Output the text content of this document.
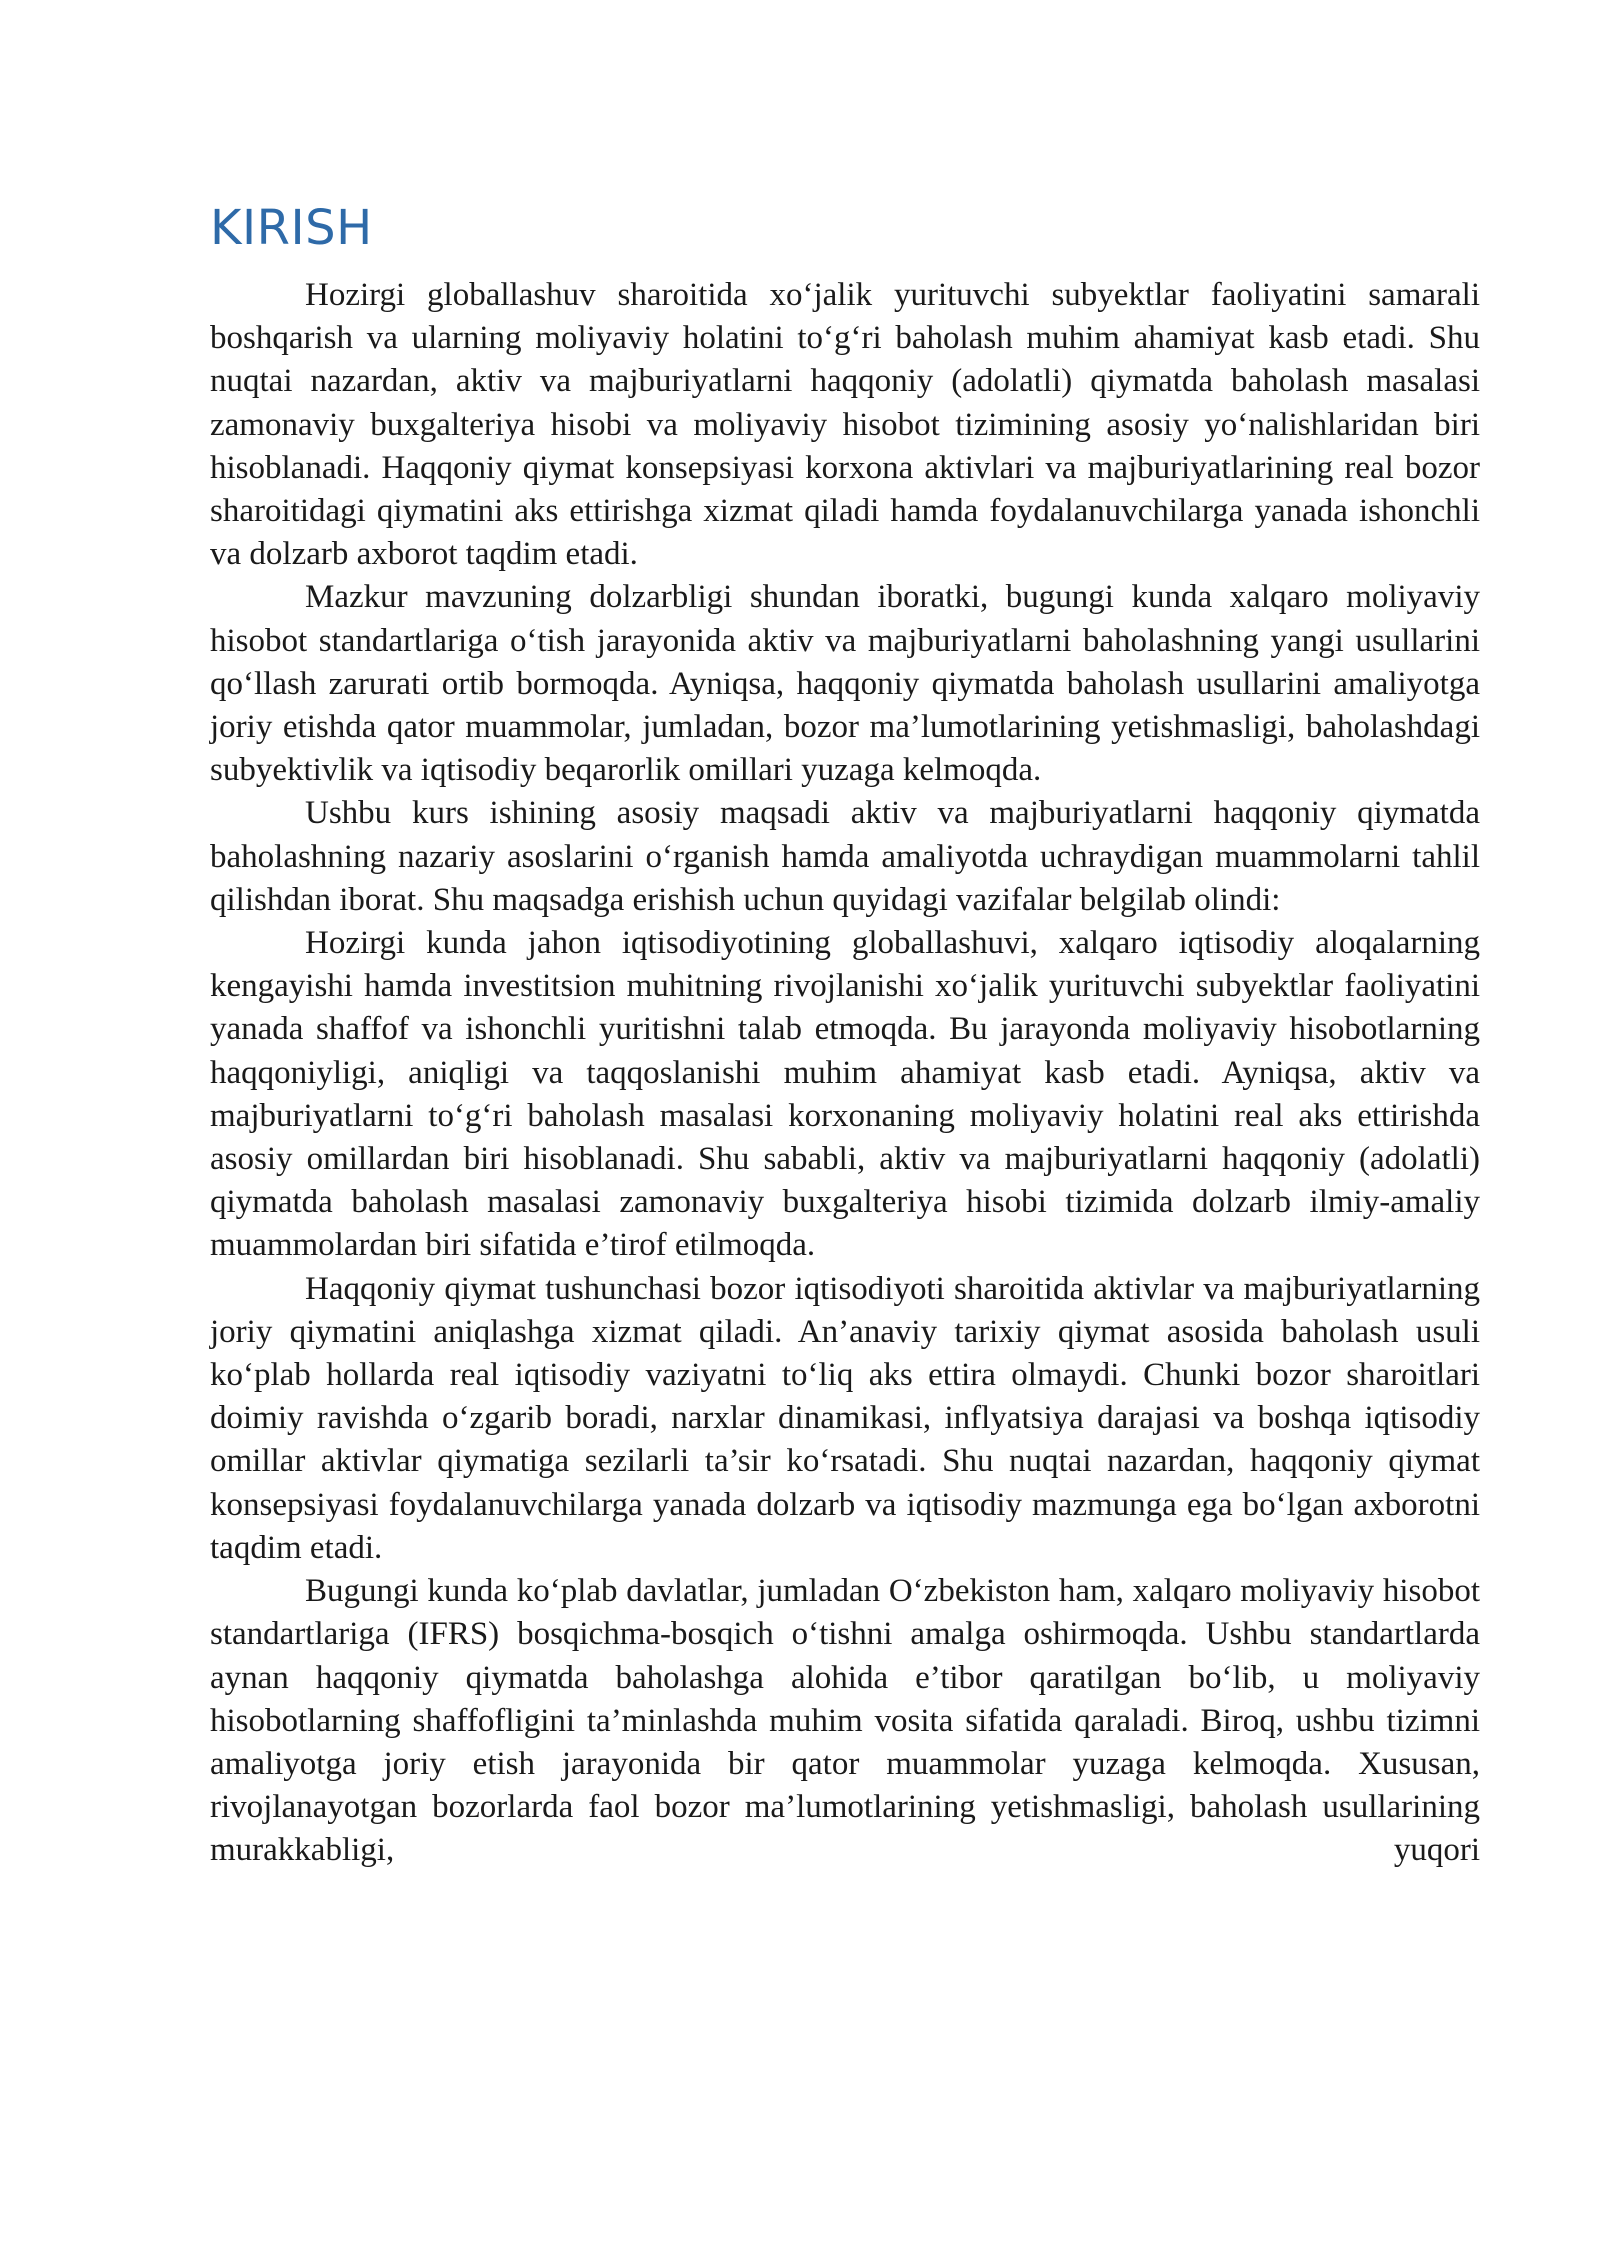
KIRISH

Hozirgi globallashuv sharoitida xo‘jalik yurituvchi subyektlar faoliyatini samarali boshqarish va ularning moliyaviy holatini to‘g‘ri baholash muhim ahamiyat kasb etadi. Shu nuqtai nazardan, aktiv va majburiyatlarni haqqoniy (adolatli) qiymatda baholash masalasi zamonaviy buxgalteriya hisobi va moliyaviy hisobot tizimining asosiy yo‘nalishlaridan biri hisoblanadi. Haqqoniy qiymat konsepsiyasi korxona aktivlari va majburiyatlarining real bozor sharoitidagi qiymatini aks ettirishga xizmat qiladi hamda foydalanuvchilarga yanada ishonchli va dolzarb axborot taqdim etadi.

Mazkur mavzuning dolzarbligi shundan iboratki, bugungi kunda xalqaro moliyaviy hisobot standartlariga o‘tish jarayonida aktiv va majburiyatlarni baholashning yangi usullarini qo‘llash zarurati ortib bormoqda. Ayniqsa, haqqoniy qiymatda baholash usullarini amaliyotga joriy etishda qator muammolar, jumladan, bozor ma’lumotlarining yetishmasligi, baholashdagi subyektivlik va iqtisodiy beqarorlik omillari yuzaga kelmoqda.

Ushbu kurs ishining asosiy maqsadi aktiv va majburiyatlarni haqqoniy qiymatda baholashning nazariy asoslarini o‘rganish hamda amaliyotda uchraydigan muammolarni tahlil qilishdan iborat. Shu maqsadga erishish uchun quyidagi vazifalar belgilab olindi:

Hozirgi kunda jahon iqtisodiyotining globallashuvi, xalqaro iqtisodiy aloqalarning kengayishi hamda investitsion muhitning rivojlanishi xo‘jalik yurituvchi subyektlar faoliyatini yanada shaffof va ishonchli yuritishni talab etmoqda. Bu jarayonda moliyaviy hisobotlarning haqqoniyligi, aniqligi va taqqoslanishi muhim ahamiyat kasb etadi. Ayniqsa, aktiv va majburiyatlarni to‘g‘ri baholash masalasi korxonaning moliyaviy holatini real aks ettirishda asosiy omillardan biri hisoblanadi. Shu sababli, aktiv va majburiyatlarni haqqoniy (adolatli) qiymatda baholash masalasi zamonaviy buxgalteriya hisobi tizimida dolzarb ilmiy-amaliy muammolardan biri sifatida e’tirof etilmoqda.

Haqqoniy qiymat tushunchasi bozor iqtisodiyoti sharoitida aktivlar va majburiyatlarning joriy qiymatini aniqlashga xizmat qiladi. An’anaviy tarixiy qiymat asosida baholash usuli ko‘plab hollarda real iqtisodiy vaziyatni to‘liq aks ettira olmaydi. Chunki bozor sharoitlari doimiy ravishda o‘zgarib boradi, narxlar dinamikasi, inflyatsiya darajasi va boshqa iqtisodiy omillar aktivlar qiymatiga sezilarli ta’sir ko‘rsatadi. Shu nuqtai nazardan, haqqoniy qiymat konsepsiyasi foydalanuvchilarga yanada dolzarb va iqtisodiy mazmunga ega bo‘lgan axborotni taqdim etadi.

Bugungi kunda ko‘plab davlatlar, jumladan O‘zbekiston ham, xalqaro moliyaviy hisobot standartlariga (IFRS) bosqichma-bosqich o‘tishni amalga oshirmoqda. Ushbu standartlarda aynan haqqoniy qiymatda baholashga alohida e’tibor qaratilgan bo‘lib, u moliyaviy hisobotlarning shaffofligini ta’minlashda muhim vosita sifatida qaraladi. Biroq, ushbu tizimni amaliyotga joriy etish jarayonida bir qator muammolar yuzaga kelmoqda. Xususan, rivojlanayotgan bozorlarda faol bozor ma’lumotlarining yetishmasligi, baholash usullarining murakkabligi, yuqori
